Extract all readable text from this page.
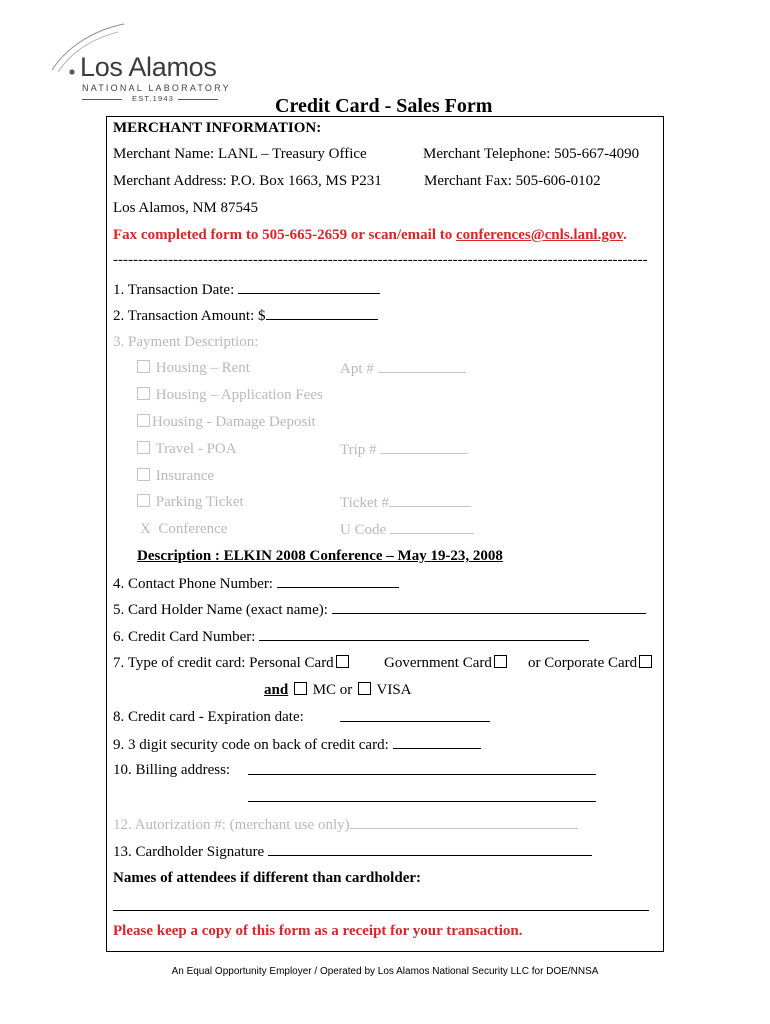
Los Alamos
NATIONAL LABORATORY
EST.1943	Credit Card - Sales Form
MERCHANT INFORMATION:
Merchant Name: LANL – Treasury Office	Merchant Telephone: 505-667-4090
Merchant Address: P.O. Box 1663, MS P231	Merchant Fax: 505-606-0102
Los Alamos, NM 87545
Fax completed form to 505-665-2659 or scan/email to conferences@cnls.lanl.gov.
-----------------------------------------------------------------------------------------------------------
1. Transaction Date:
2. Transaction Amount: $
3. Payment Description:
Housing – Rent	Apt #
Housing – Application Fees
Housing - Damage Deposit
Travel - POA	Trip #
Insurance
Parking Ticket	Ticket #
X Conference	U Code
Description : ELKIN 2008 Conference – May 19-23, 2008
4. Contact Phone Number:
5. Card Holder Name (exact name):
6. Credit Card Number:
7. Type of credit card: Personal Card	Government Card	or Corporate Card
and MC or VISA
8. Credit card - Expiration date:
9. 3 digit security code on back of credit card:
10. Billing address:
12. Autorization #: (merchant use only)
13. Cardholder Signature
Names of attendees if different than cardholder:
Please keep a copy of this form as a receipt for your transaction.
An Equal Opportunity Employer / Operated by Los Alamos National Security LLC for DOE/NNSA
